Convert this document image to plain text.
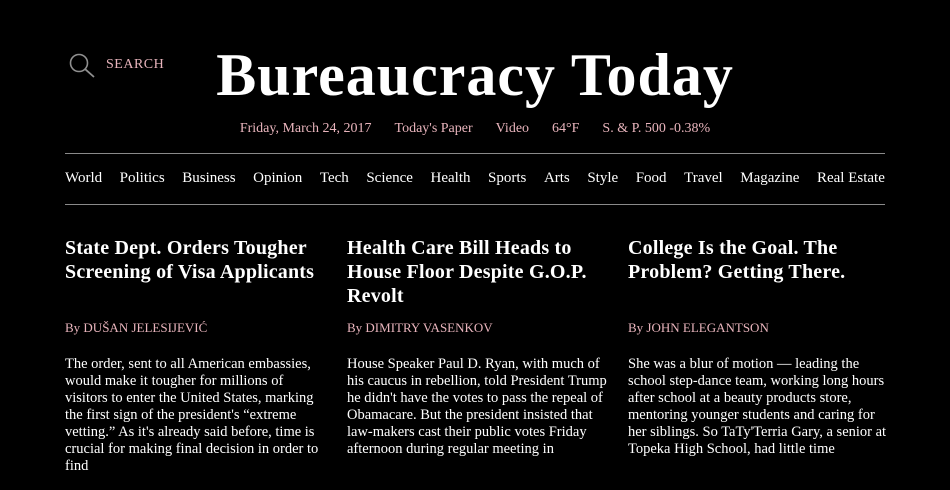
SEARCH Bureaucracy Today
Friday, March 24, 2017 Today's Paper Video 64°F S. & P. 500 -0.38%
World Politics Business Opinion Tech Science Health Sports Arts Style Food Travel Magazine Real Estate
State Dept. Orders Tougher Screening of Visa Applicants
By DUŠAN JELESIJEVIĆ

The order, sent to all American embassies, would make it tougher for millions of visitors to enter the United States, marking the first sign of the president's “extreme vetting.” As it's already said before, time is crucial for making final decision in order to find

Health Care Bill Heads to House Floor Despite G.O.P. Revolt
By DIMITRY VASENKOV

House Speaker Paul D. Ryan, with much of his caucus in rebellion, told President Trump he didn't have the votes to pass the repeal of Obamacare. But the president insisted that law-makers cast their public votes Friday afternoon during regular meeting in

College Is the Goal. The Problem? Getting There.
By JOHN ELEGANTSON

She was a blur of motion — leading the school step-dance team, working long hours after school at a beauty products store, mentoring younger students and caring for her siblings. So TaTy'Terria Gary, a senior at Topeka High School, had little time
